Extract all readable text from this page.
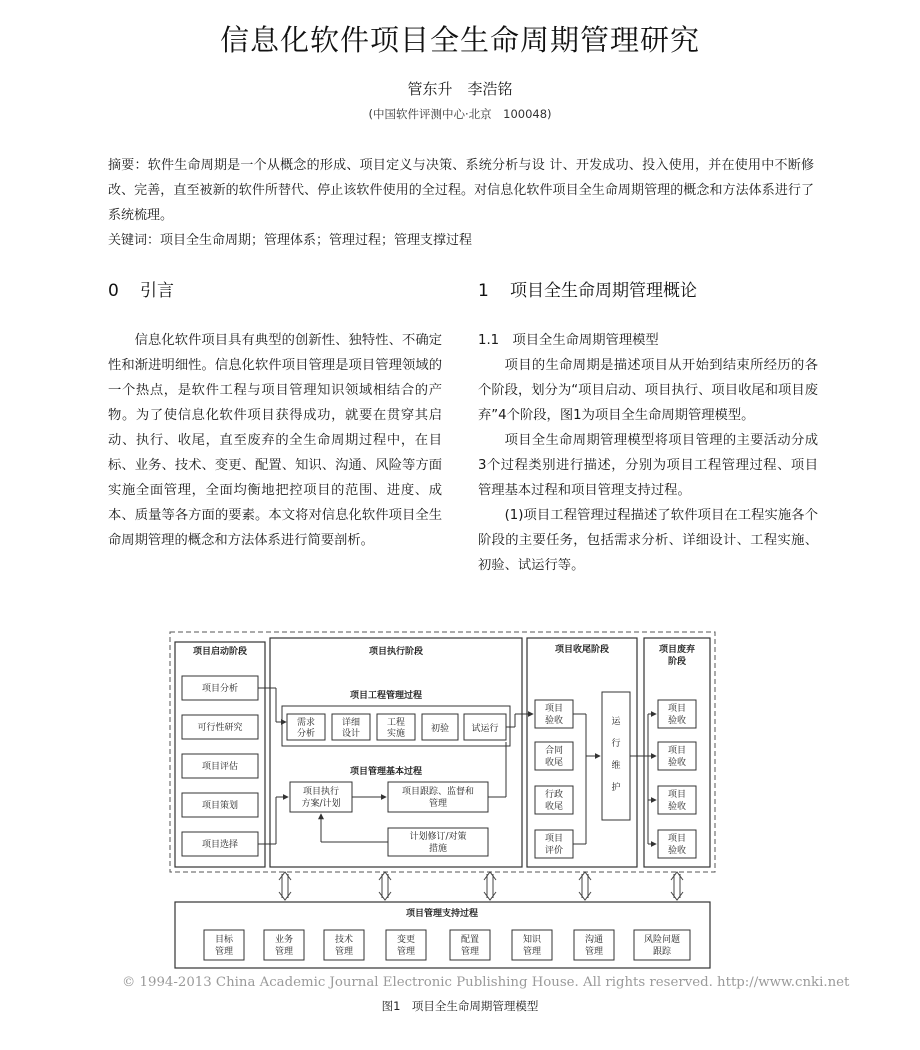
信息化软件项目全生命周期管理研究
管东升　李浩铭
(中国软件评测中心·北京　100048)

摘要：软件生命周期是一个从概念的形成、项目定义与决策、系统分析与设 计、开发成功、投入使用，并在使用中不断修改、完善，直至被新的软件所替代、停止该软件使用的全过程。对信息化软件项目全生命周期管理的概念和方法体系进行了系统梳理。

关键词：项目全生命周期；管理体系；管理过程；管理支撑过程

0 引言	1 项目全生命周期管理概论

信息化软件项目具有典型的创新性、独特性、不确定性和渐进明细性。信息化软件项目管理是项目管理领域的一个热点，是软件工程与项目管理知识领域相结合的产物。为了使信息化软件项目获得成功，就要在贯穿其启动、执行、收尾，直至废弃的全生命周期过程中，在目标、业务、技术、变更、配置、知识、沟通、风险等方面实施全面管理，全面均衡地把控项目的范围、进度、成本、质量等各方面的要素。本文将对信息化软件项目全生命周期管理的概念和方法体系进行简要剖析。

1.1　项目全生命周期管理模型

项目的生命周期是描述项目从开始到结束所经历的各个阶段，划分为“项目启动、项目执行、项目收尾和项目废弃”4个阶段，图1为项目全生命周期管理模型。

项目全生命周期管理模型将项目管理的主要活动分成3个过程类别进行描述，分别为项目工程管理过程、项目管理基本过程和项目管理支持过程。

(1)项目工程管理过程描述了软件项目在工程实施各个阶段的主要任务，包括需求分析、详细设计、工程实施、初验、试运行等。

项目启动阶段
项目分析
可行性研究
项目评估
项目策划
项目选择
项目执行阶段
项目工程管理过程
需求
分析
详细
设计
工程
实施	初验 试运行
项目管理基本过程
项目执行
方案/计划
项目跟踪、监督和
管理
计划修订/对策
措施
项目收尾阶段
项目
验收
合同
收尾
行政
收尾
项目
评价
运
行
维
护
项目废弃
阶段
项目
验收
项目
验收
项目
验收
项目
验收
项目管理支持过程
目标
管理
业务
管理
技术
管理
变更
管理
配置
管理
知识
管理
沟通
管理
风险问题
跟踪
© 1994-2013 China Academic Journal Electronic Publishing House. All rights reserved. http://www.cnki.net
图1　项目全生命周期管理模型
